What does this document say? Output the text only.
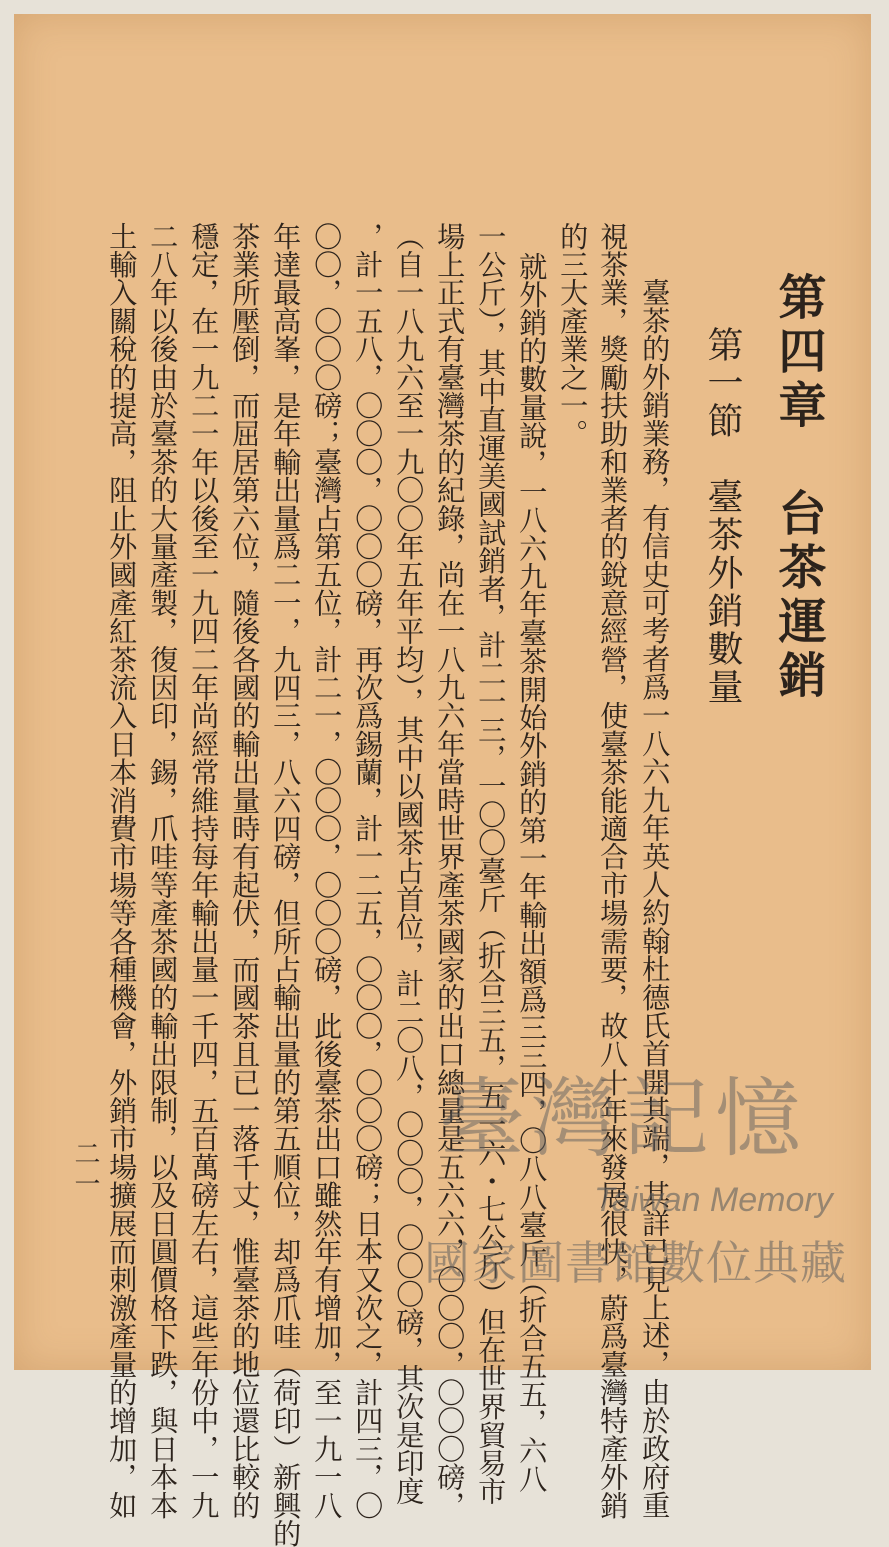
第四章　台茶運銷
第一節　臺茶外銷數量
臺茶的外銷業務，有信史可考者爲一八六九年英人約翰杜德氏首開其端，其詳已見上述，由於政府重
視茶業，獎勵扶助和業者的銳意經營，使臺茶能適合市場需要，故八十年來發展很快，蔚爲臺灣特產外銷
的三大產業之一。
就外銷的數量說，一八六九年臺茶開始外銷的第一年輸出額爲三三四，〇八八臺斤（折合五五，六八
一公斤），其中直運美國試銷者，計二一三，一〇〇臺斤（折合三五，五一六・七公斤）但在世界貿易市
場上正式有臺灣茶的紀錄，尚在一八九六年當時世界產茶國家的出口總量是五六六，〇〇〇，〇〇〇磅，
（自一八九六至一九〇〇年五年平均），其中以國茶占首位，計二〇八，〇〇〇，〇〇〇磅，其次是印度
，計一五八，〇〇〇，〇〇〇磅，再次爲錫蘭，計一二五，〇〇〇，〇〇〇磅；日本又次之，計四三，〇
〇〇，〇〇〇磅；臺灣占第五位，計二一，〇〇〇，〇〇〇磅，此後臺茶出口雖然年有增加，至一九一八
年達最高峯，是年輸出量爲二一，九四三，八六四磅，但所占輸出量的第五順位，却爲爪哇（荷印）新興的
茶業所壓倒，而屈居第六位，隨後各國的輸出量時有起伏，而國茶且已一落千丈，惟臺茶的地位還比較的
穩定，在一九二一年以後至一九四二年尚經常維持每年輸出量一千四，五百萬磅左右，這些年份中，一九
二八年以後由於臺茶的大量產製，復因印，錫，爪哇等產茶國的輸出限制，以及日圓價格下跌，與日本本
土輸入關稅的提高，阻止外國產紅茶流入日本消費市場等各種機會，外銷市場擴展而刺激產量的增加，如
二一
臺灣記憶
Taiwan Memory
國家圖書館數位典藏
